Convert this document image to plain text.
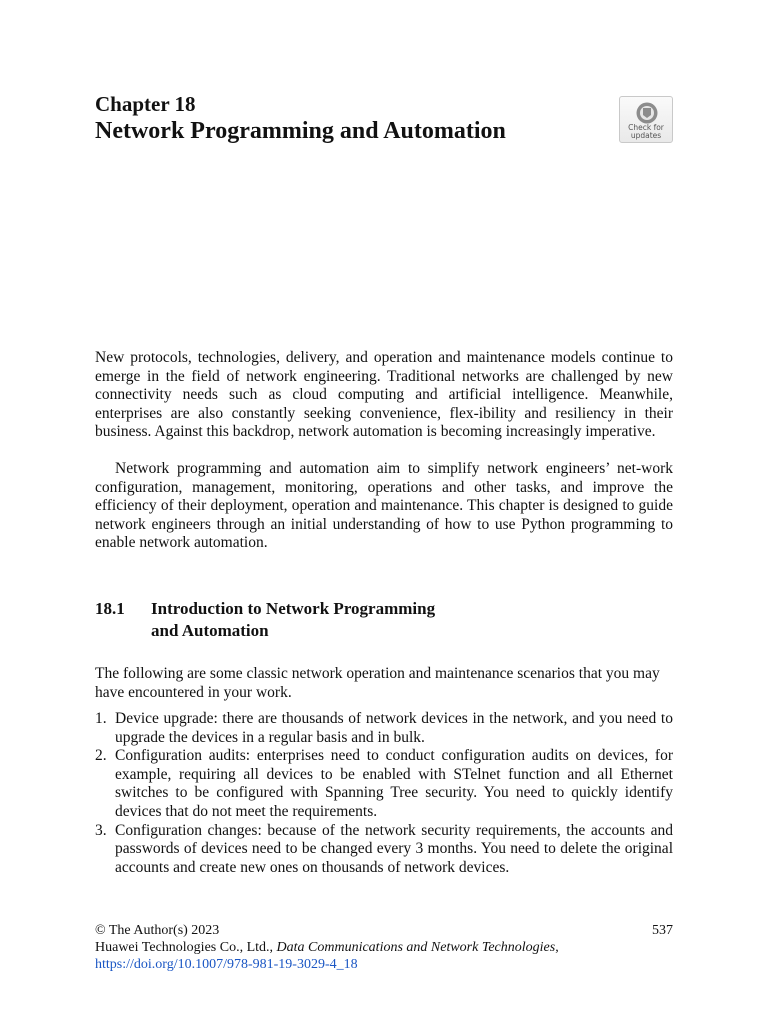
Chapter 18
Network Programming and Automation	Check for updates
New protocols, technologies, delivery, and operation and maintenance models continue to emerge in the field of network engineering. Traditional networks are challenged by new connectivity needs such as cloud computing and artificial intelligence. Meanwhile, enterprises are also constantly seeking convenience, flex-ibility and resiliency in their business. Against this backdrop, network automation is becoming increasingly imperative.
Network programming and automation aim to simplify network engineers’ net-work configuration, management, monitoring, operations and other tasks, and improve the efficiency of their deployment, operation and maintenance. This chapter is designed to guide network engineers through an initial understanding of how to use Python programming to enable network automation.
18.1 Introduction to Network Programming
and Automation
The following are some classic network operation and maintenance scenarios that you may have encountered in your work.
1. Device upgrade: there are thousands of network devices in the network, and you need to upgrade the devices in a regular basis and in bulk.
2. Configuration audits: enterprises need to conduct configuration audits on devices, for example, requiring all devices to be enabled with STelnet function and all Ethernet switches to be configured with Spanning Tree security. You need to quickly identify devices that do not meet the requirements.
3. Configuration changes: because of the network security requirements, the accounts and passwords of devices need to be changed every 3 months. You need to delete the original accounts and create new ones on thousands of network devices.
© The Author(s) 2023	537
Huawei Technologies Co., Ltd., Data Communications and Network Technologies,
https://doi.org/10.1007/978-981-19-3029-4_18
